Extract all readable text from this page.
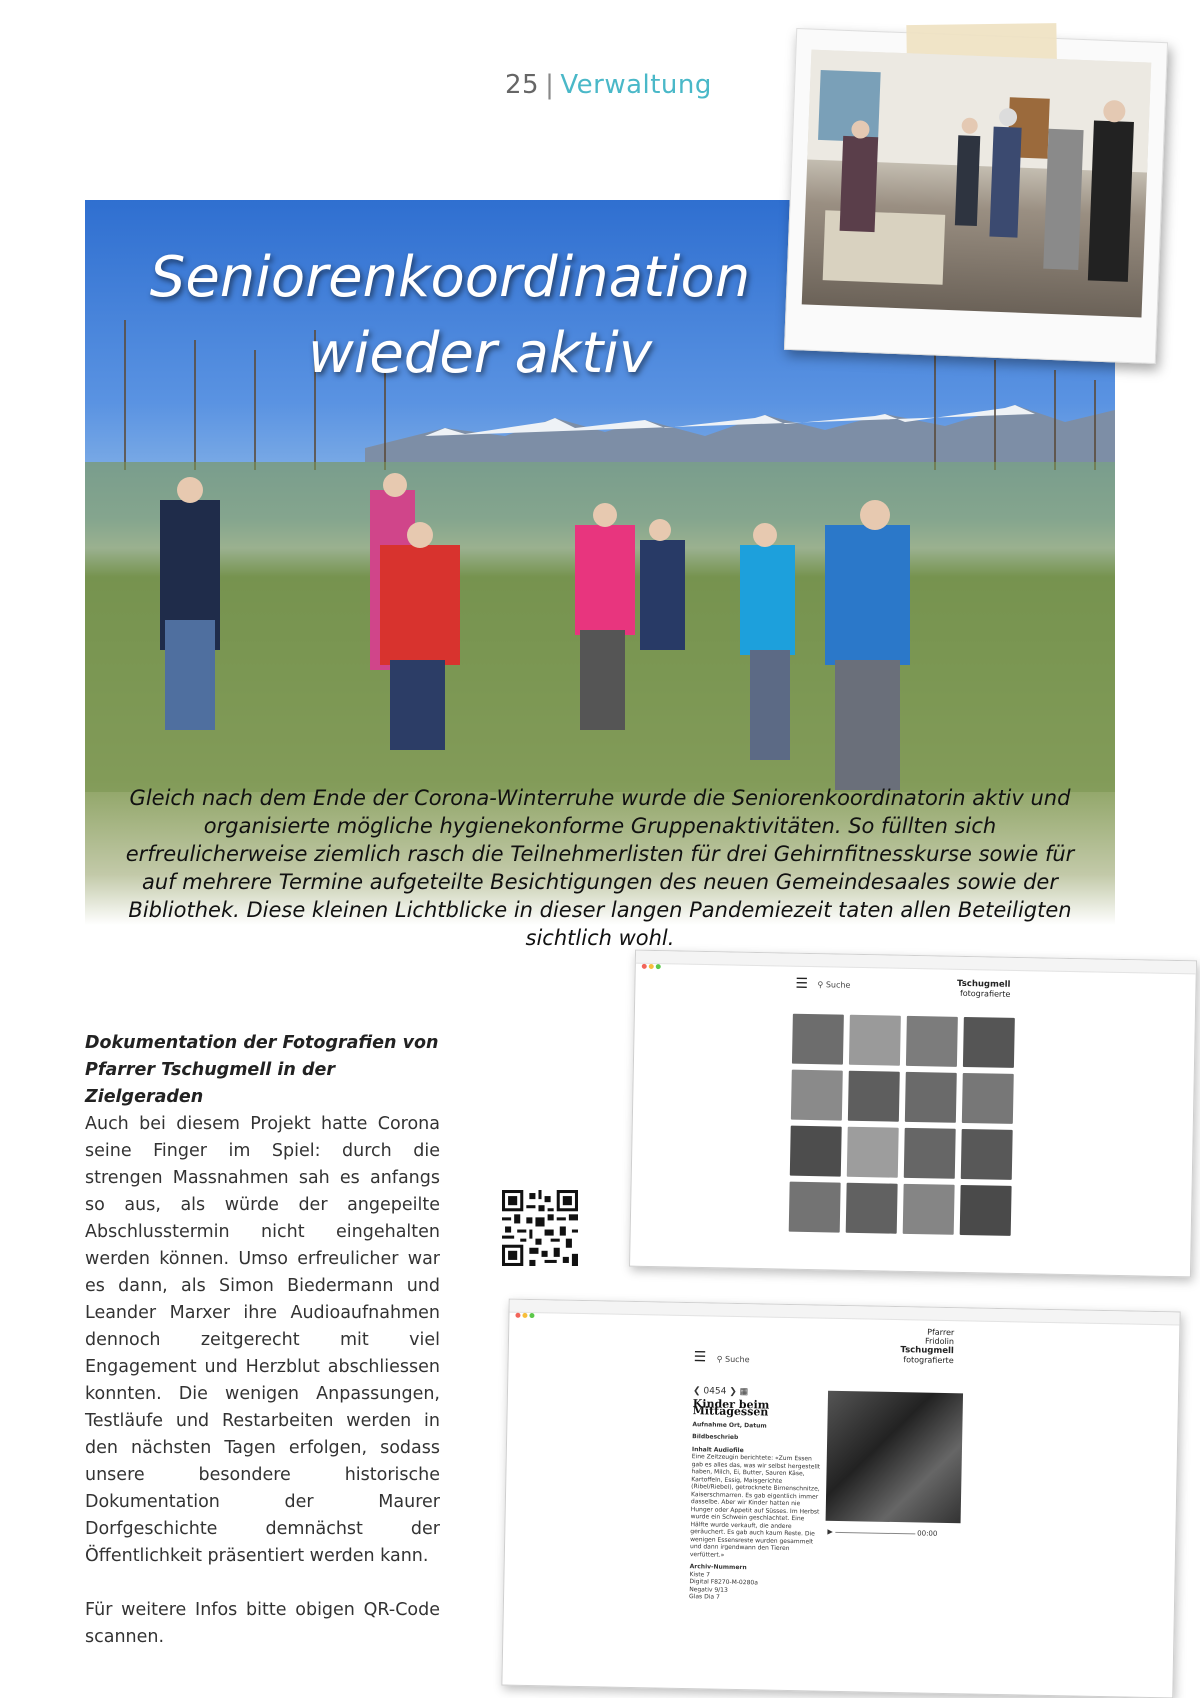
25 | Verwaltung
Seniorenkoordination
wieder aktiv
Gleich nach dem Ende der Corona-Winterruhe wurde die Seniorenkoordinatorin aktiv und organisierte mögliche hygienekonforme Gruppenaktivitäten. So füllten sich erfreulicherweise ziemlich rasch die Teilnehmerlisten für drei Gehirnfitnesskurse sowie für auf mehrere Termine aufgeteilte Besichtigungen des neuen Gemeindesaales sowie der Bibliothek. Diese kleinen Lichtblicke in dieser langen Pandemiezeit taten allen Beteiligten sichtlich wohl.

Dokumentation der Fotografien von Pfarrer Tschugmell in der Zielgeraden

Auch bei diesem Projekt hatte Corona seine Finger im Spiel: durch die strengen Massnahmen sah es anfangs so aus, als würde der angepeilte Abschlusstermin nicht eingehalten werden können. Umso erfreulicher war es dann, als Simon Biedermann und Leander Marxer ihre Audioaufnahmen dennoch zeitgerecht mit viel Engagement und Herzblut abschliessen konnten. Die wenigen Anpassungen, Testläufe und Restarbeiten werden in den nächsten Tagen erfolgen, sodass unsere besondere historische Dokumentation der Maurer Dorfgeschichte demnächst der Öffentlichkeit präsentiert werden kann.

Für weitere Infos bitte obigen QR-Code scannen.

☰ ⚲ Suche	Tschugmell
fotografierte
☰ ⚲ Suche
Pfarrer
Fridolin
Tschugmell
fotografierte
❮ 0454 ❯ ▦
Kinder beim Mittagessen
Aufnahme Ort, Datum
Bildbeschrieb
Inhalt Audiofile
Eine Zeitzeugin berichtete: «Zum Essen gab es alles das, was wir selbst hergestellt haben, Milch, Ei, Butter, Sauren Käse, Kartoffeln, Essig, Maisgerichte (Ribel/Riebel), getrocknete Birnenschnitze, Kaiserschmarren. Es gab eigentlich immer dasselbe. Aber wir Kinder hatten nie Hunger oder Appetit auf Süsses. Im Herbst wurde ein Schwein geschlachtet. Eine Hälfte wurde verkauft, die andere geräuchert. Es gab auch kaum Reste. Die wenigen Essensreste wurden gesammelt und dann irgendwann den Tieren verfüttert.»
Archiv-Nummern
Kiste 7
Digital F8270-M-0280a
Negativ 9/13
Glas Dia 7
▶	00:00
